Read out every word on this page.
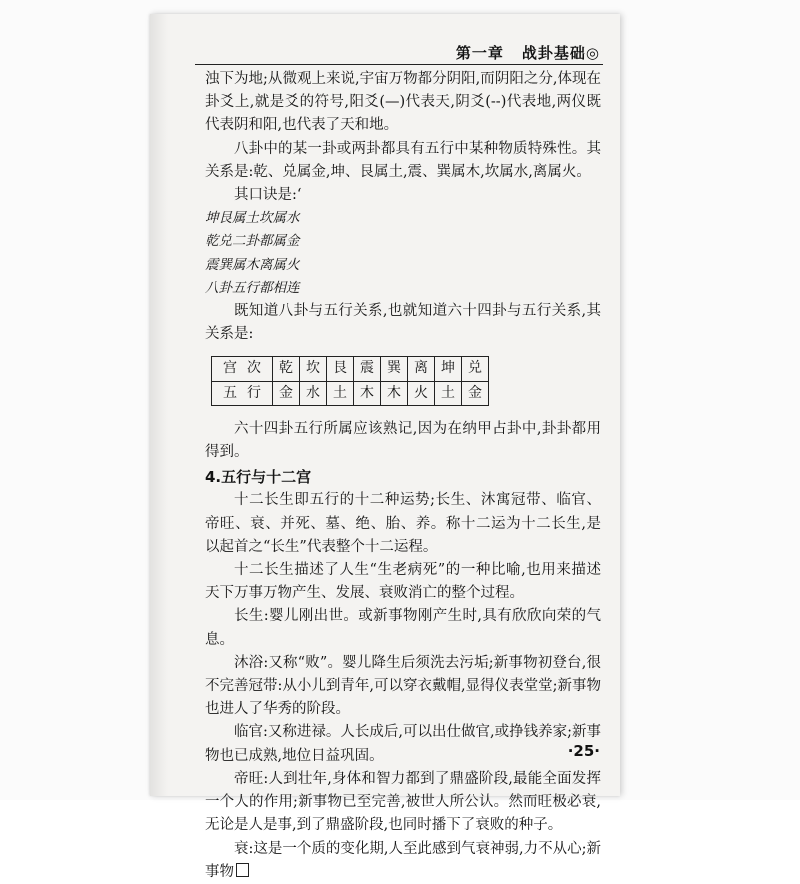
第一章 战卦基础◎

浊下为地;从微观上来说,宇宙万物都分阴阳,而阴阳之分,体现在卦爻上,就是爻的符号,阳爻(—)代表天,阴爻(--)代表地,两仪既代表阴和阳,也代表了天和地。

八卦中的某一卦或两卦都具有五行中某种物质特殊性。其关系是:乾、兑属金,坤、艮属土,震、巽属木,坎属水,离属火。

其口诀是:‘

坤艮属土坎属水

乾兑二卦都属金

震巽属木离属火

八卦五行都相连

既知道八卦与五行关系,也就知道六十四卦与五行关系,其关系是:

宫次	乾	坎	艮	震	巽	离	坤	兑
五行	金	水	土	木	木	火	土	金

六十四卦五行所属应该熟记,因为在纳甲占卦中,卦卦都用得到。

4.五行与十二宫

十二长生即五行的十二种运势;长生、沐寓冠带、临官、帝旺、衰、并死、墓、绝、胎、养。称十二运为十二长生,是以起首之“长生”代表整个十二运程。

十二长生描述了人生“生老病死”的一种比喻,也用来描述天下万事万物产生、发展、衰败消亡的整个过程。

长生:婴儿刚出世。或新事物刚产生时,具有欣欣向荣的气息。

沐浴:又称“败”。婴儿降生后须洗去污垢;新事物初登台,很不完善冠带:从小儿到青年,可以穿衣戴帽,显得仪表堂堂;新事物也进人了华秀的阶段。

临官:又称进禄。人长成后,可以出仕做官,或挣钱养家;新事物也已成熟,地位日益巩固。

帝旺:人到壮年,身体和智力都到了鼎盛阶段,最能全面发挥一个人的作用;新事物已至完善,被世人所公认。然而旺极必衰,无论是人是事,到了鼎盛阶段,也同时播下了衰败的种子。

衰:这是一个质的变化期,人至此感到气衰神弱,力不从心;新事物

·25·
